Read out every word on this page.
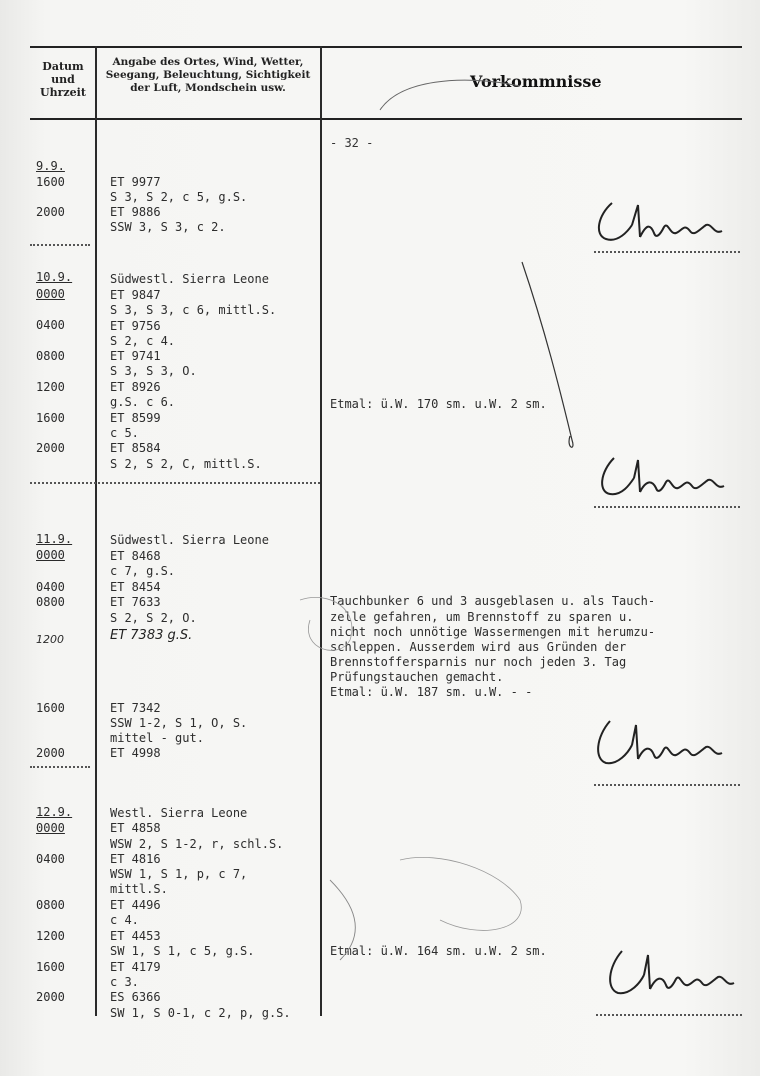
Datum und Uhrzeit
Angabe des Ortes, Wind, Wetter, Seegang, Beleuchtung, Sichtigkeit der Luft, Mondschein usw.	Vorkommnisse
- 32 -
9.9.
1600
2000
ET 9977
S 3, S 2, c 5, g.S.
ET 9886
SSW 3, S 3, c 2.
10.9.
0000
0400
0800
1200
1600
2000
Südwestl. Sierra Leone
ET 9847
S 3, S 3, c 6, mittl.S.
ET 9756
S 2, c 4.
ET 9741
S 3, S 3, O.
ET 8926
g.S. c 6.
ET 8599
c 5.
ET 8584
S 2, S 2, C, mittl.S.
Etmal: ü.W. 170 sm. u.W. 2 sm.
11.9.
0000
0400
0800
1200
1600
2000
Südwestl. Sierra Leone
ET 8468
c 7, g.S.
ET 8454
ET 7633
S 2, S 2, O.
ET 7383 g.S.
ET 7342
SSW 1-2, S 1, O, S.
mittel - gut.
ET 4998
Tauchbunker 6 und 3 ausgeblasen u. als Tauch-
zelle gefahren, um Brennstoff zu sparen u.
nicht noch unnötige Wassermengen mit herumzu-
schleppen. Ausserdem wird aus Gründen der
Brennstoffersparnis nur noch jeden 3. Tag
Prüfungstauchen gemacht.
Etmal: ü.W. 187 sm. u.W. - -
12.9.
0000
0400
0800
1200
1600
2000
Westl. Sierra Leone
ET 4858
WSW 2, S 1-2, r, schl.S.
ET 4816
WSW 1, S 1, p, c 7,
mittl.S.
ET 4496
c 4.
ET 4453
SW 1, S 1, c 5, g.S.
ET 4179
c 3.
ES 6366
SW 1, S 0-1, c 2, p, g.S.
Etmal: ü.W. 164 sm. u.W. 2 sm.
